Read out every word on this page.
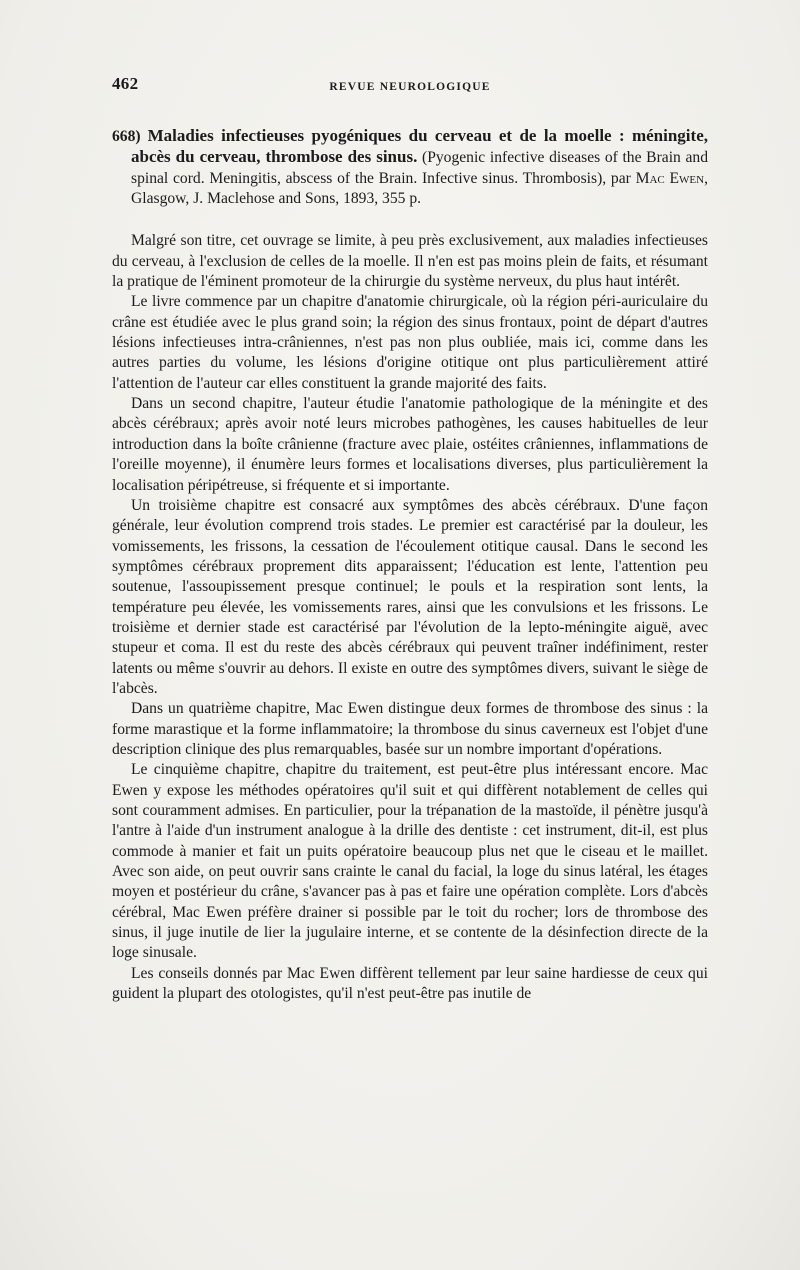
462	REVUE NEUROLOGIQUE

668) Maladies infectieuses pyogéniques du cerveau et de la moelle : méningite, abcès du cerveau, thrombose des sinus. (Pyogenic infective diseases of the Brain and spinal cord. Meningitis, abscess of the Brain. Infective sinus. Thrombosis), par Mac Ewen, Glasgow, J. Maclehose and Sons, 1893, 355 p.

Malgré son titre, cet ouvrage se limite, à peu près exclusivement, aux maladies infectieuses du cerveau, à l'exclusion de celles de la moelle. Il n'en est pas moins plein de faits, et résumant la pratique de l'éminent promoteur de la chirurgie du système nerveux, du plus haut intérêt.

Le livre commence par un chapitre d'anatomie chirurgicale, où la région péri-auriculaire du crâne est étudiée avec le plus grand soin; la région des sinus frontaux, point de départ d'autres lésions infectieuses intra-crâniennes, n'est pas non plus oubliée, mais ici, comme dans les autres parties du volume, les lésions d'origine otitique ont plus particulièrement attiré l'attention de l'auteur car elles constituent la grande majorité des faits.

Dans un second chapitre, l'auteur étudie l'anatomie pathologique de la méningite et des abcès cérébraux; après avoir noté leurs microbes pathogènes, les causes habituelles de leur introduction dans la boîte crânienne (fracture avec plaie, ostéites crâniennes, inflammations de l'oreille moyenne), il énumère leurs formes et localisations diverses, plus particulièrement la localisation péripétreuse, si fréquente et si importante.

Un troisième chapitre est consacré aux symptômes des abcès cérébraux. D'une façon générale, leur évolution comprend trois stades. Le premier est caractérisé par la douleur, les vomissements, les frissons, la cessation de l'écoulement otitique causal. Dans le second les symptômes cérébraux proprement dits apparaissent; l'éducation est lente, l'attention peu soutenue, l'assoupissement presque continuel; le pouls et la respiration sont lents, la température peu élevée, les vomissements rares, ainsi que les convulsions et les frissons. Le troisième et dernier stade est caractérisé par l'évolution de la lepto-méningite aiguë, avec stupeur et coma. Il est du reste des abcès cérébraux qui peuvent traîner indéfiniment, rester latents ou même s'ouvrir au dehors. Il existe en outre des symptômes divers, suivant le siège de l'abcès.

Dans un quatrième chapitre, Mac Ewen distingue deux formes de thrombose des sinus : la forme marastique et la forme inflammatoire; la thrombose du sinus caverneux est l'objet d'une description clinique des plus remarquables, basée sur un nombre important d'opérations.

Le cinquième chapitre, chapitre du traitement, est peut-être plus intéressant encore. Mac Ewen y expose les méthodes opératoires qu'il suit et qui diffèrent notablement de celles qui sont couramment admises. En particulier, pour la trépanation de la mastoïde, il pénètre jusqu'à l'antre à l'aide d'un instrument analogue à la drille des dentiste : cet instrument, dit-il, est plus commode à manier et fait un puits opératoire beaucoup plus net que le ciseau et le maillet. Avec son aide, on peut ouvrir sans crainte le canal du facial, la loge du sinus latéral, les étages moyen et postérieur du crâne, s'avancer pas à pas et faire une opération complète. Lors d'abcès cérébral, Mac Ewen préfère drainer si possible par le toit du rocher; lors de thrombose des sinus, il juge inutile de lier la jugulaire interne, et se contente de la désinfection directe de la loge sinusale.

Les conseils donnés par Mac Ewen diffèrent tellement par leur saine hardiesse de ceux qui guident la plupart des otologistes, qu'il n'est peut-être pas inutile de
